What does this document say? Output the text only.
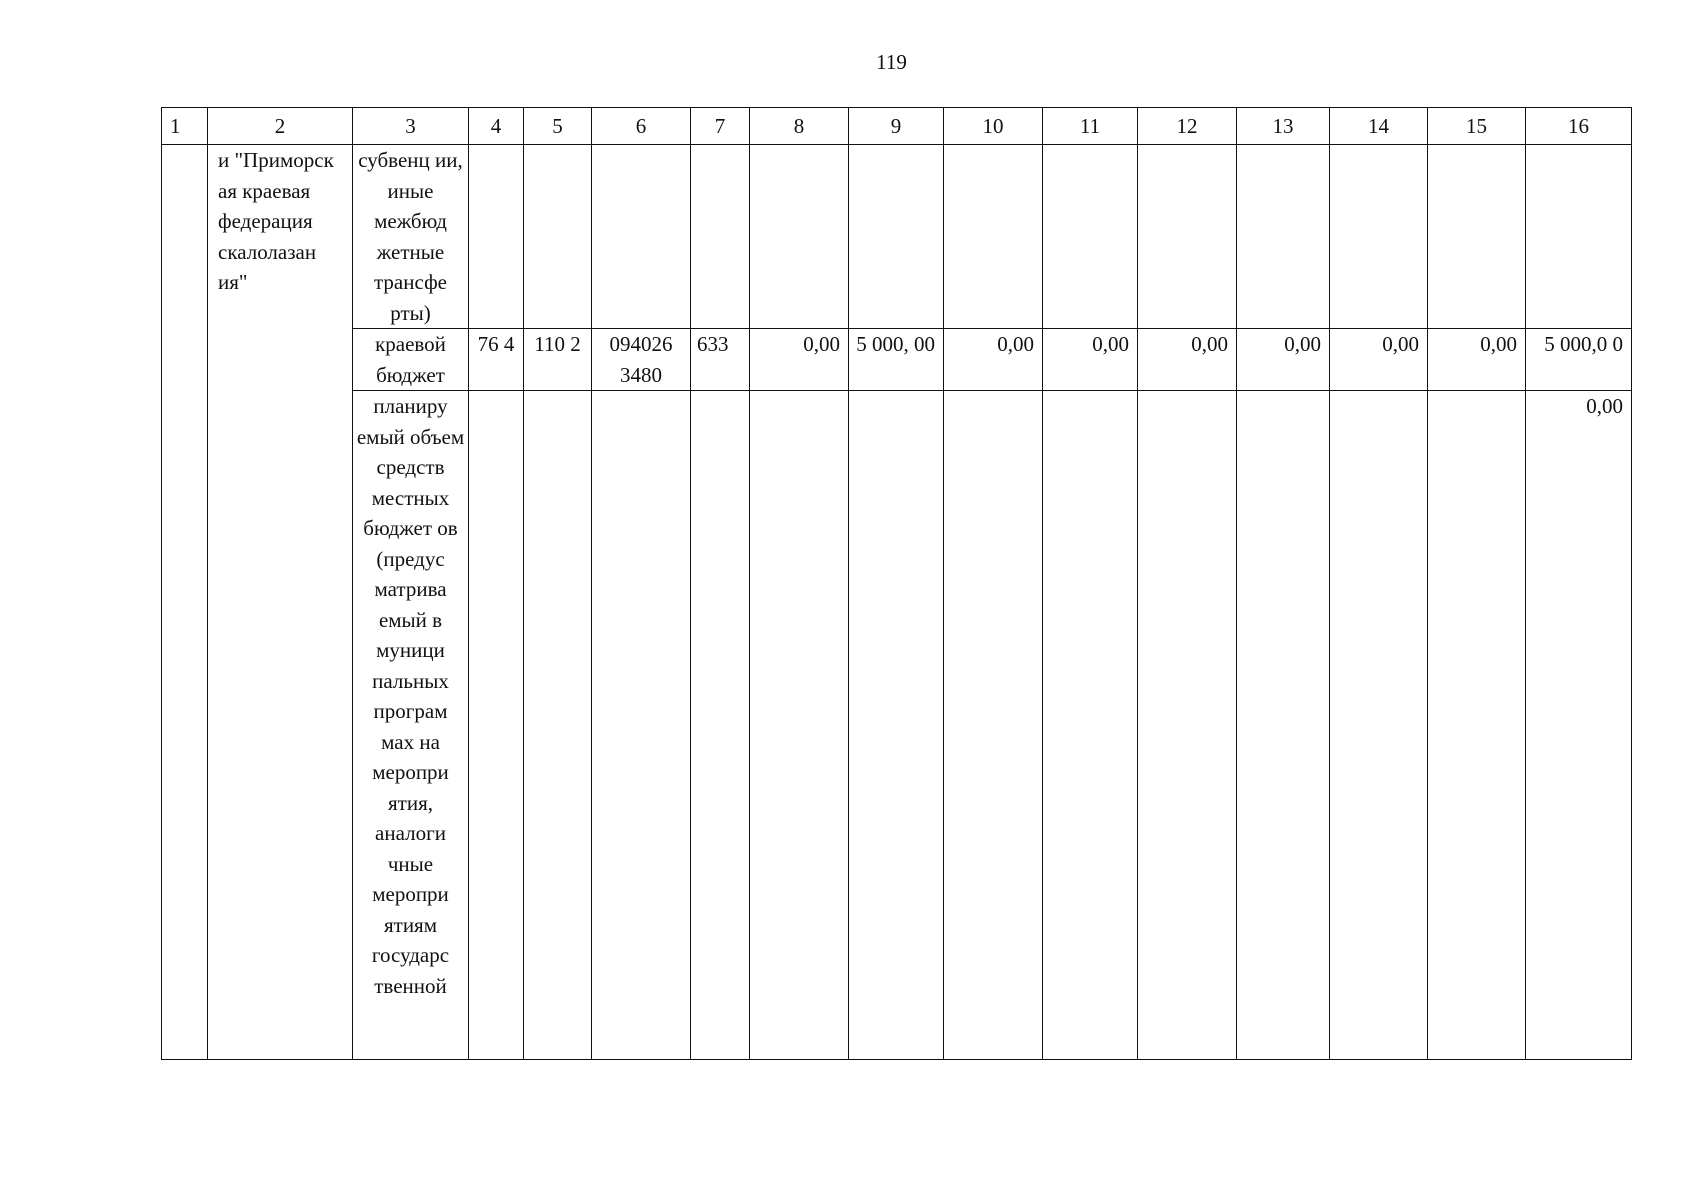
119
1	2	3	4	5	6	7	8	9	10	11	12	13	14	15	16
	и "Приморск ая краевая федерация скалолазан ия"	субвенц ии, иные межбюд жетные трансфе рты)													
		краевой бюджет	76 4	110 2	094026 3480	633	0,00	5 000, 00	0,00	0,00	0,00	0,00	0,00	0,00	5 000,0 0
		планиру емый объем средств местных бюджет ов (предус матрива емый в муници пальных програм мах на меропри ятия, аналоги чные меропри ятиям государс твенной													0,00
